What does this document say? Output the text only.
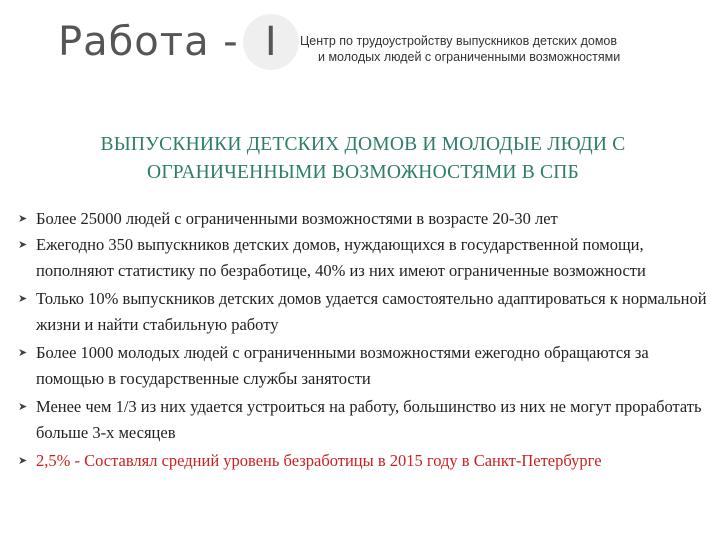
Работа - I	Центр по трудоустройству выпускников детских домов
и молодых людей с ограниченными возможностями
ВЫПУСКНИКИ ДЕТСКИХ ДОМОВ И МОЛОДЫЕ ЛЮДИ С
ОГРАНИЧЕННЫМИ ВОЗМОЖНОСТЯМИ В СПБ
➤ Более 25000 людей с ограниченными возможностями в возрасте 20-30 лет
➤ Ежегодно 350 выпускников детских домов, нуждающихся в государственной помощи, пополняют статистику по безработице, 40% из них имеют ограниченные возможности
➤ Только 10% выпускников детских домов удается самостоятельно адаптироваться к нормальной жизни и найти стабильную работу
➤ Более 1000 молодых людей с ограниченными возможностями ежегодно обращаются за помощью в государственные службы занятости
➤ Менее чем 1/3 из них удается устроиться на работу, большинство из них не могут проработать больше 3-х месяцев
➤ 2,5% - Составлял средний уровень безработицы в 2015 году в Санкт-Петербурге
